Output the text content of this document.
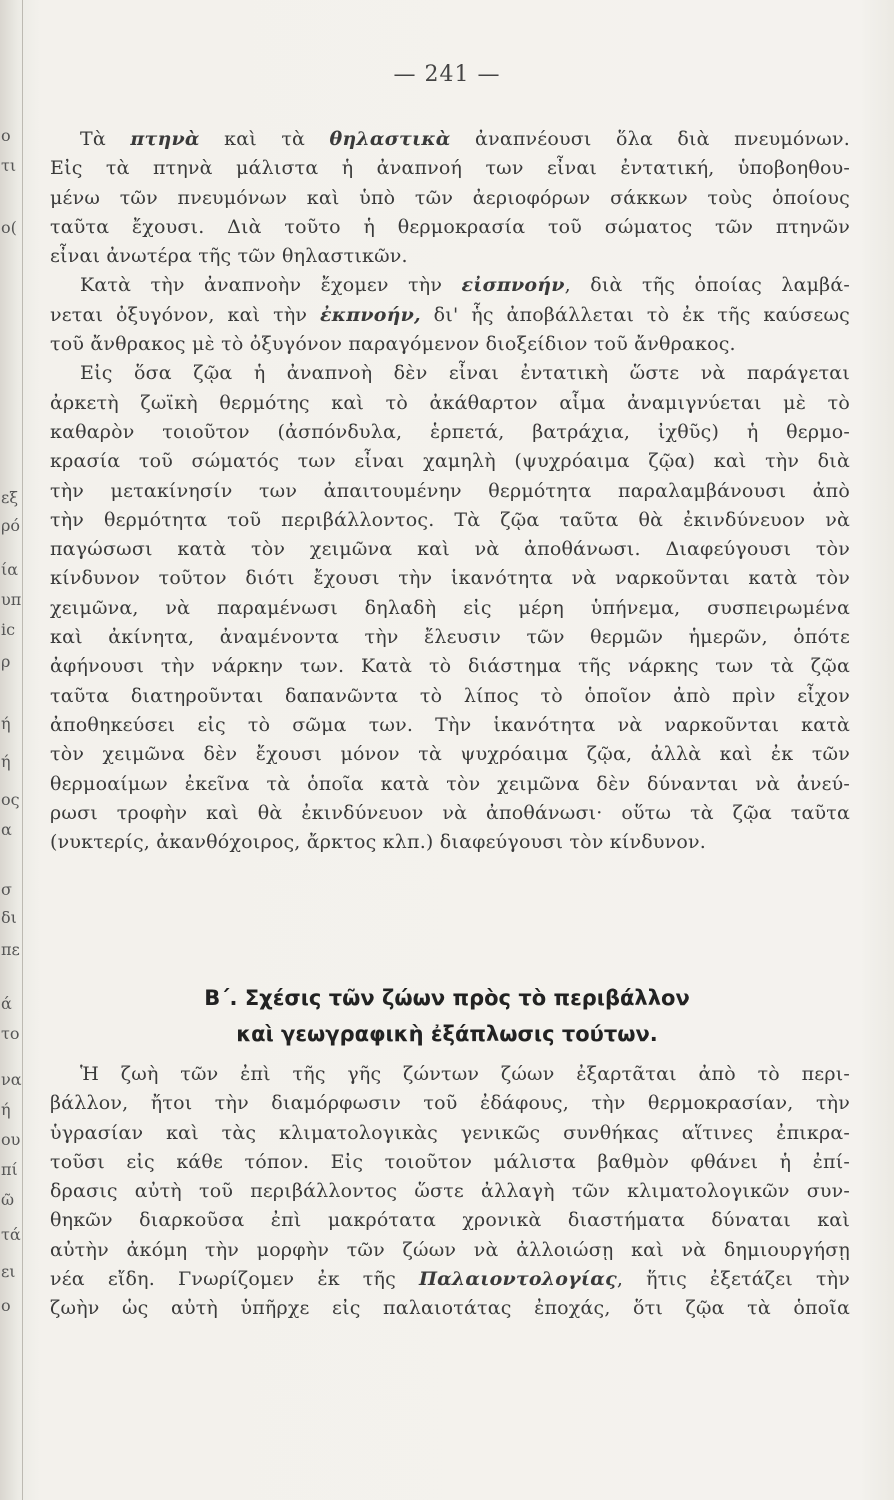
o
τι
ο(
εξ
ρό
ία
υπ
ic
ρ
ή
ή
ος
α
σ
δι
πε
ά
το
να
ή
ου
πί
ῶ
τά
ει
ο
— 241 —
Τὰ πτηνὰ καὶ τὰ θηλαστικὰ ἀναπνέουσι ὅλα διὰ πνευμόνων.
Εἰς τὰ πτηνὰ μάλιστα ἡ ἀναπνοή των εἶναι ἐντατική, ὑποβοηθου-
μένω τῶν πνευμόνων καὶ ὑπὸ τῶν ἀεριοφόρων σάκκων τοὺς ὁποίους
ταῦτα ἔχουσι. Διὰ τοῦτο ἡ θερμοκρασία τοῦ σώματος τῶν πτηνῶν
εἶναι ἀνωτέρα τῆς τῶν θηλαστικῶν.
Κατὰ τὴν ἀναπνοὴν ἔχομεν τὴν εἰσπνοήν, διὰ τῆς ὁποίας λαμβά-
νεται ὀξυγόνον, καὶ τὴν ἐκπνοήν, δι' ἧς ἀποβάλλεται τὸ ἐκ τῆς καύσεως
τοῦ ἄνθρακος μὲ τὸ ὀξυγόνον παραγόμενον διοξείδιον τοῦ ἄνθρακος.
Εἰς ὅσα ζῷα ἡ ἀναπνοὴ δὲν εἶναι ἐντατικὴ ὥστε νὰ παράγεται
ἀρκετὴ ζωϊκὴ θερμότης καὶ τὸ ἀκάθαρτον αἷμα ἀναμιγνύεται μὲ τὸ
καθαρὸν τοιοῦτον (ἀσπόνδυλα, ἑρπετά, βατράχια, ἰχθῦς) ἡ θερμο-
κρασία τοῦ σώματός των εἶναι χαμηλὴ (ψυχρόαιμα ζῷα) καὶ τὴν διὰ
τὴν μετακίνησίν των ἀπαιτουμένην θερμότητα παραλαμβάνουσι ἀπὸ
τὴν θερμότητα τοῦ περιβάλλοντος. Τὰ ζῷα ταῦτα θὰ ἐκινδύνευον νὰ
παγώσωσι κατὰ τὸν χειμῶνα καὶ νὰ ἀποθάνωσι. Διαφεύγουσι τὸν
κίνδυνον τοῦτον διότι ἔχουσι τὴν ἱκανότητα νὰ ναρκοῦνται κατὰ τὸν
χειμῶνα, νὰ παραμένωσι δηλαδὴ εἰς μέρη ὑπήνεμα, συσπειρωμένα
καὶ ἀκίνητα, ἀναμένοντα τὴν ἔλευσιν τῶν θερμῶν ἡμερῶν, ὁπότε
ἀφήνουσι τὴν νάρκην των. Κατὰ τὸ διάστημα τῆς νάρκης των τὰ ζῷα
ταῦτα διατηροῦνται δαπανῶντα τὸ λίπος τὸ ὁποῖον ἀπὸ πρὶν εἶχον
ἀποθηκεύσει εἰς τὸ σῶμα των. Τὴν ἱκανότητα νὰ ναρκοῦνται κατὰ
τὸν χειμῶνα δὲν ἔχουσι μόνον τὰ ψυχρόαιμα ζῷα, ἀλλὰ καὶ ἐκ τῶν
θερμοαίμων ἐκεῖνα τὰ ὁποῖα κατὰ τὸν χειμῶνα δὲν δύνανται νὰ ἀνεύ-
ρωσι τροφὴν καὶ θὰ ἐκινδύνευον νὰ ἀποθάνωσι· οὕτω τὰ ζῷα ταῦτα
(νυκτερίς, ἀκανθόχοιρος, ἄρκτος κλπ.) διαφεύγουσι τὸν κίνδυνον.
Β΄. Σχέσις τῶν ζώων πρὸς τὸ περιβάλλον
καὶ γεωγραφικὴ ἐξάπλωσις τούτων.
Ἡ ζωὴ τῶν ἐπὶ τῆς γῆς ζώντων ζώων ἐξαρτᾶται ἀπὸ τὸ περι-
βάλλον, ἤτοι τὴν διαμόρφωσιν τοῦ ἐδάφους, τὴν θερμοκρασίαν, τὴν
ὑγρασίαν καὶ τὰς κλιματολογικὰς γενικῶς συνθήκας αἵτινες ἐπικρα-
τοῦσι εἰς κάθε τόπον. Εἰς τοιοῦτον μάλιστα βαθμὸν φθάνει ἡ ἐπί-
δρασις αὐτὴ τοῦ περιβάλλοντος ὥστε ἀλλαγὴ τῶν κλιματολογικῶν συν-
θηκῶν διαρκοῦσα ἐπὶ μακρότατα χρονικὰ διαστήματα δύναται καὶ
αὐτὴν ἀκόμη τὴν μορφὴν τῶν ζώων νὰ ἀλλοιώσῃ καὶ νὰ δημιουργήσῃ
νέα εἴδη. Γνωρίζομεν ἐκ τῆς Παλαιοντολογίας, ἥτις ἐξετάζει τὴν
ζωὴν ὡς αὐτὴ ὑπῆρχε εἰς παλαιοτάτας ἐποχάς, ὅτι ζῷα τὰ ὁποῖα
